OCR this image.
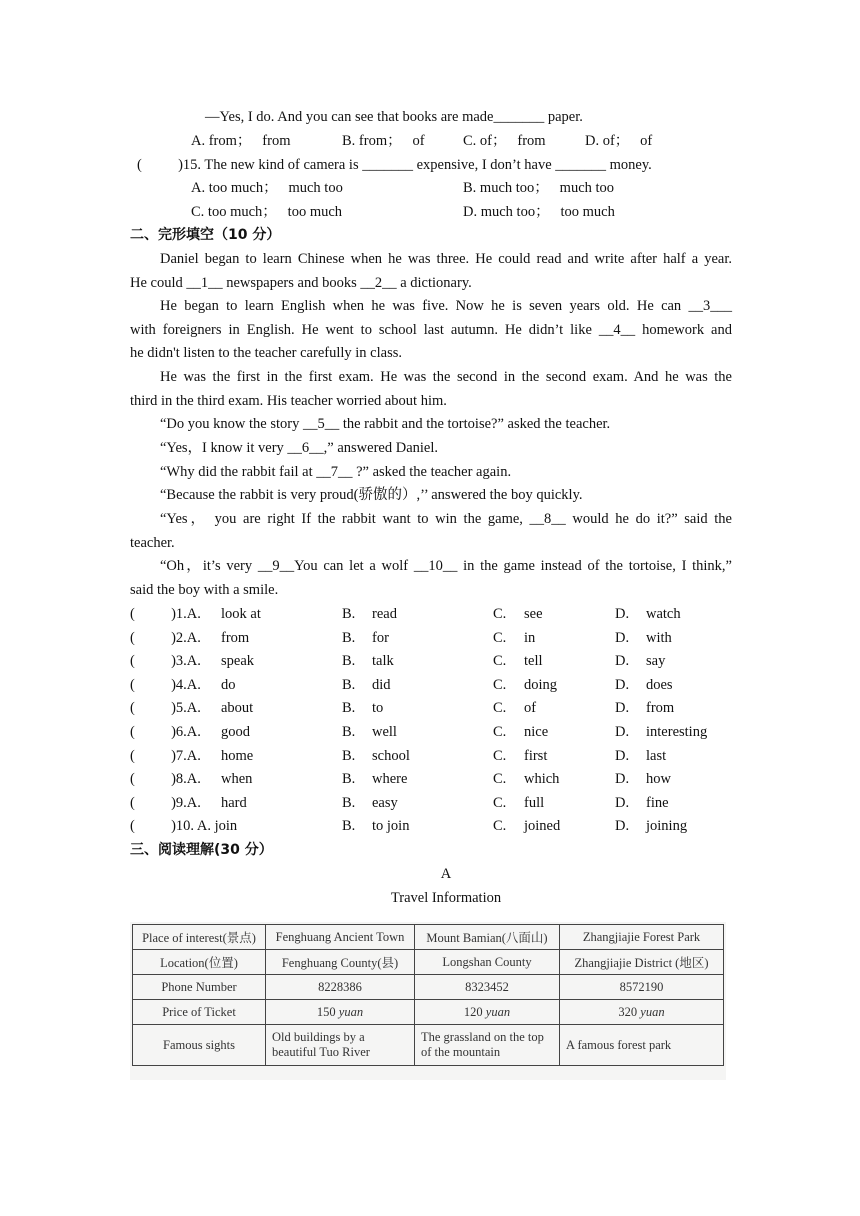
—Yes, I do. And you can see that books are made_______ paper.
A. from；   from	B. from；   of	C. of；   from	D. of；   of
(          )15. The new kind of camera is _______ expensive, I don’t have _______ money.
A. too much；   much too	B. much too；   much too
C. too much；   too much	D. much too；   too much
二、完形填空（10 分）
Daniel began to learn Chinese when he was three. He could read and write after half a year.
He could __1__ newspapers and books __2__ a dictionary.
He began to learn English when he was five. Now he is seven years old. He can __3___
with foreigners in English. He went to school last autumn. He didn’t like __4__ homework and
he didn't listen to the teacher carefully in class.
He was the first in the first exam. He was the second in the second exam. And he was the
third in the third exam. His teacher worried about him.
“Do you know the story __5__ the rabbit and the tortoise?” asked the teacher.
“Yes，I know it very __6__,” answered Daniel.
“Why did the rabbit fail at __7__ ?” asked the teacher again.
“Because the rabbit is very proud(骄傲的）,’’ answered the boy quickly.
“Yes， you are right If the rabbit want to win the game, __8__ would he do it?” said the
teacher.
“Oh，it’s very __9__You can let a wolf __10__ in the game instead of the tortoise, I think,”
said the boy with a smile.
(          )1.A. look at	B. read	C. see	D. watch
(          )2.A. from	B. for	C. in	D. with
(          )3.A. speak	B. talk	C. tell	D. say
(          )4.A. do	B. did	C. doing	D. does
(          )5.A. about	B. to	C. of	D. from
(          )6.A. good	B. well	C. nice	D. interesting
(          )7.A. home	B. school	C. first	D. last
(          )8.A. when	B. where	C. which	D. how
(          )9.A. hard	B. easy	C. full	D. fine
(          )10. A. join	B. to join	C. joined	D. joining
三、阅读理解(30 分）
A
Travel Information
Place of interest(景点)	Fenghuang Ancient Town	Mount Bamian(八面山)	Zhangjiajie Forest Park
Location(位置)	Fenghuang County(县)	Longshan County	Zhangjiajie District (地区)
Phone Number	8228386	8323452	8572190
Price of Ticket	150 yuan	120 yuan	320 yuan
Famous sights	Old buildings by a beautiful Tuo River	The grassland on the top of the mountain	A famous forest park
